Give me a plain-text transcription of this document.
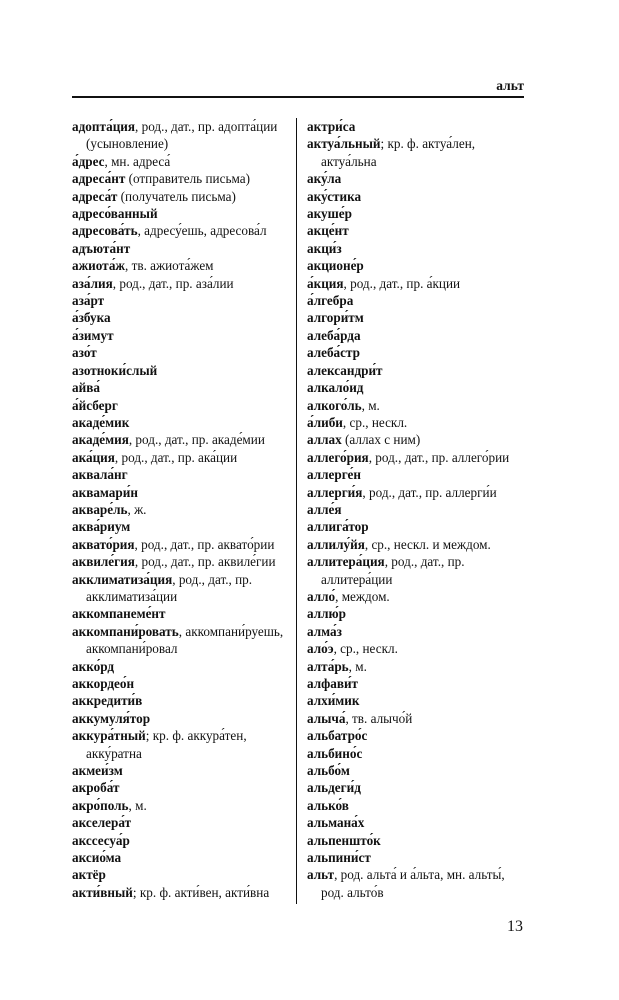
альт
адопта́ция, род., дат., пр. адопта́ции (усыновление)
а́дрес, мн. адреса́
адреса́нт (отправитель письма)
адреса́т (получатель письма)
адресо́ванный
адресова́ть, адресу́ешь, адресова́л
адъюта́нт
ажиота́ж, тв. ажиота́жем
аза́лия, род., дат., пр. аза́лии
аза́рт
а́збука
а́зимут
азо́т
азотноки́слый
айва́
а́йсберг
акаде́мик
акаде́мия, род., дат., пр. акаде́мии
ака́ция, род., дат., пр. ака́ции
аквала́нг
аквамари́н
акваре́ль, ж.
аква́риум
аквато́рия, род., дат., пр. аквато́рии
аквиле́гия, род., дат., пр. аквиле́гии
акклиматиза́ция, род., дат., пр. акклиматиза́ции
аккомпанеме́нт
аккомпани́ровать, аккомпани́руешь, аккомпани́ровал
акко́рд
аккордео́н
аккредити́в
аккумуля́тор
аккура́тный; кр. ф. аккура́тен, акку́ратна
акмеи́зм
акроба́т
акро́поль, м.
акселера́т
акссесуа́р
аксио́ма
актёр
акти́вный; кр. ф. акти́вен, акти́вна
актри́са
актуа́льный; кр. ф. актуа́лен, актуа́льна
аку́ла
аку́стика
акуше́р
акце́нт
акци́з
акционе́р
а́кция, род., дат., пр. а́кции
а́лгебра
алгори́тм
алеба́рда
алеба́стр
александри́т
алкало́ид
алкого́ль, м.
а́либи, ср., нескл.
аллах (аллах с ним)
аллего́рия, род., дат., пр. аллего́рии
аллерге́н
аллерги́я, род., дат., пр. аллерги́и
алле́я
аллига́тор
аллилу́йя, ср., нескл. и междом.
аллитера́ция, род., дат., пр. аллитера́ции
алло́, междом.
аллю́р
алма́з
ало́э, ср., нескл.
алта́рь, м.
алфави́т
алхи́мик
алыча́, тв. алычо́й
альбатро́с
альбино́с
альбо́м
альдеги́д
алько́в
альмана́х
альпеншто́к
альпини́ст
альт, род. альта́ и а́льта, мн. альты́, род. альто́в
13
